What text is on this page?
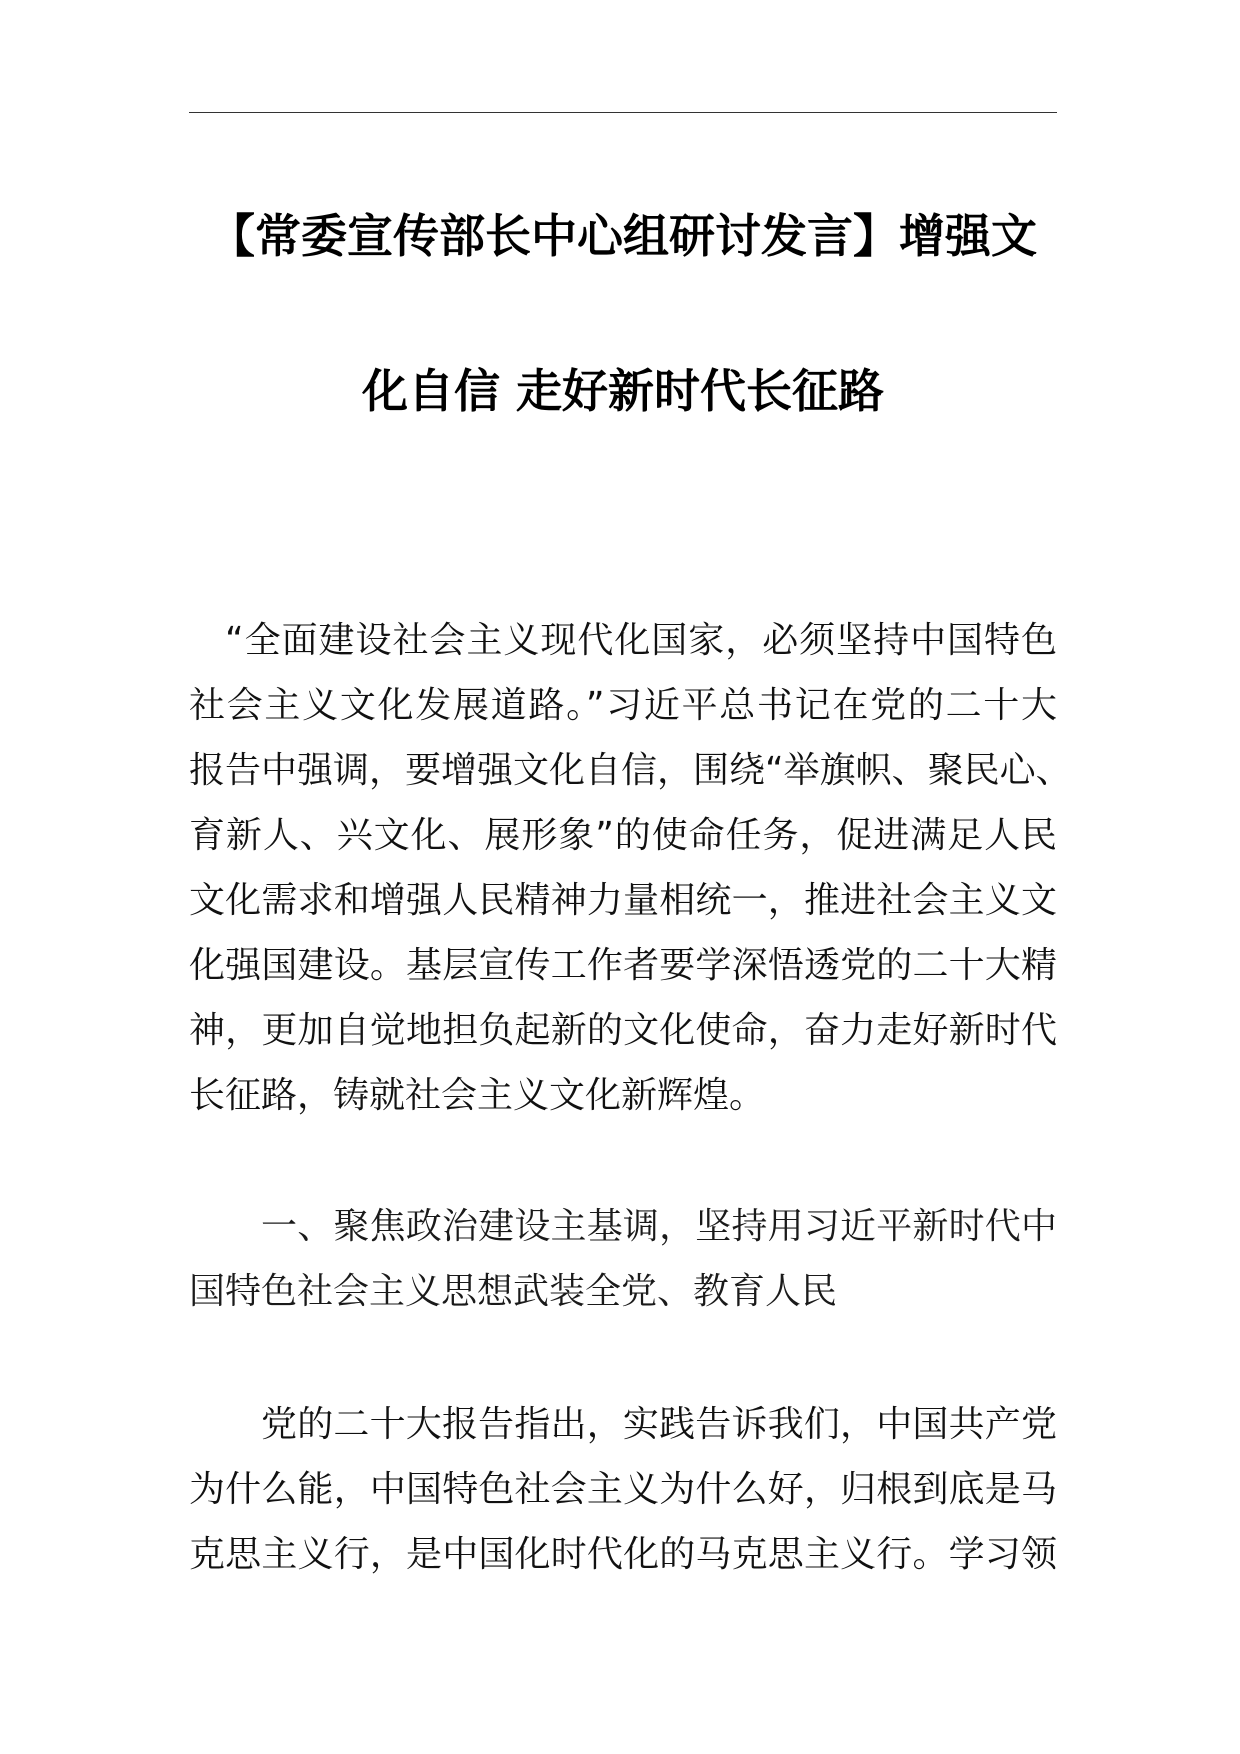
【常委宣传部长中心组研讨发言】增强文
化自信 走好新时代长征路
“全面建设社会主义现代化国家，必须坚持中国特色
社会主义文化发展道路。”习近平总书记在党的二十大
报告中强调，要增强文化自信，围绕“举旗帜、聚民心、
育新人、兴文化、展形象”的使命任务，促进满足人民
文化需求和增强人民精神力量相统一，推进社会主义文
化强国建设。基层宣传工作者要学深悟透党的二十大精
神，更加自觉地担负起新的文化使命，奋力走好新时代
长征路，铸就社会主义文化新辉煌。
一、聚焦政治建设主基调，坚持用习近平新时代中
国特色社会主义思想武装全党、教育人民
党的二十大报告指出，实践告诉我们，中国共产党
为什么能，中国特色社会主义为什么好，归根到底是马
克思主义行，是中国化时代化的马克思主义行。学习领
